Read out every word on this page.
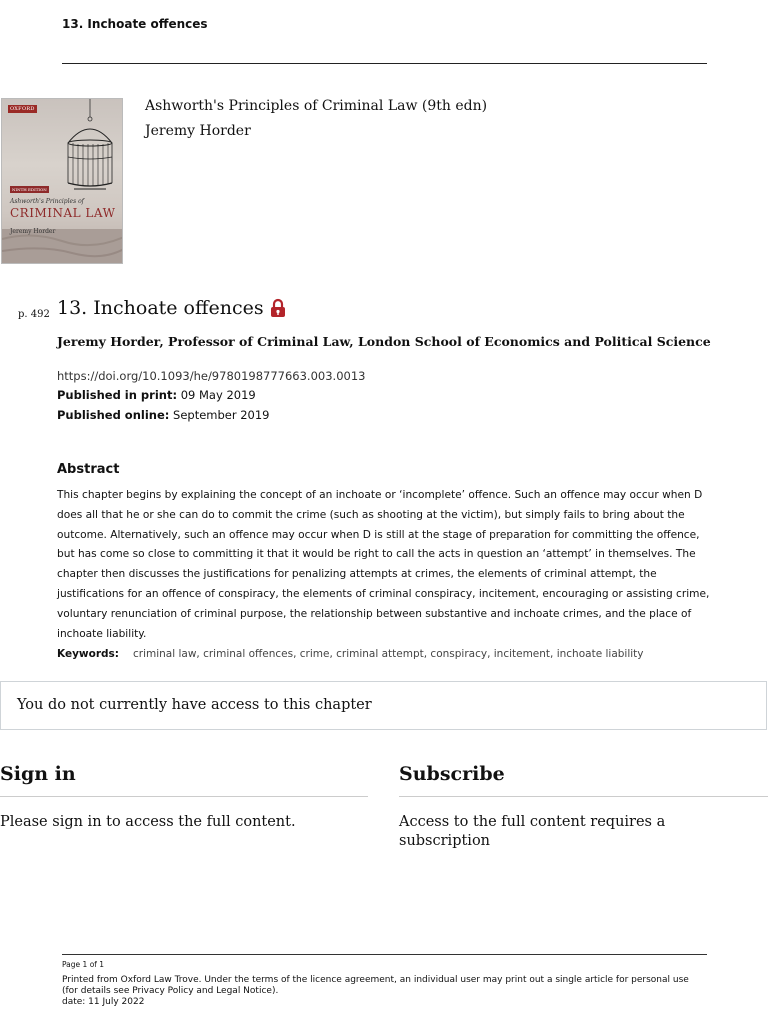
13. Inchoate offences
OXFORD
NINTH EDITION
Ashworth's Principles of
CRIMINAL LAW
Jeremy Horder
Ashworth's Principles of Criminal Law (9th edn)
Jeremy Horder
p. 492 13. Inchoate offences
Jeremy Horder, Professor of Criminal Law, London School of Economics and Political Science
https://doi.org/10.1093/he/9780198777663.003.0013
Published in print: 09 May 2019
Published online: September 2019
Abstract
This chapter begins by explaining the concept of an inchoate or ‘incomplete’ offence. Such an offence may occur when D does all that he or she can do to commit the crime (such as shooting at the victim), but simply fails to bring about the outcome. Alternatively, such an offence may occur when D is still at the stage of preparation for committing the offence, but has come so close to committing it that it would be right to call the acts in question an ‘attempt’ in themselves. The chapter then discusses the justifications for penalizing attempts at crimes, the elements of criminal attempt, the justifications for an offence of conspiracy, the elements of criminal conspiracy, incitement, encouraging or assisting crime, voluntary renunciation of criminal purpose, the relationship between substantive and inchoate crimes, and the place of inchoate liability.
Keywords: criminal law, criminal offences, crime, criminal attempt, conspiracy, incitement, inchoate liability
You do not currently have access to this chapter
Sign in
Please sign in to access the full content.
Subscribe
Access to the full content requires a subscription
Page 1 of 1
Printed from Oxford Law Trove. Under the terms of the licence agreement, an individual user may print out a single article for personal use (for details see Privacy Policy and Legal Notice).
date: 11 July 2022
